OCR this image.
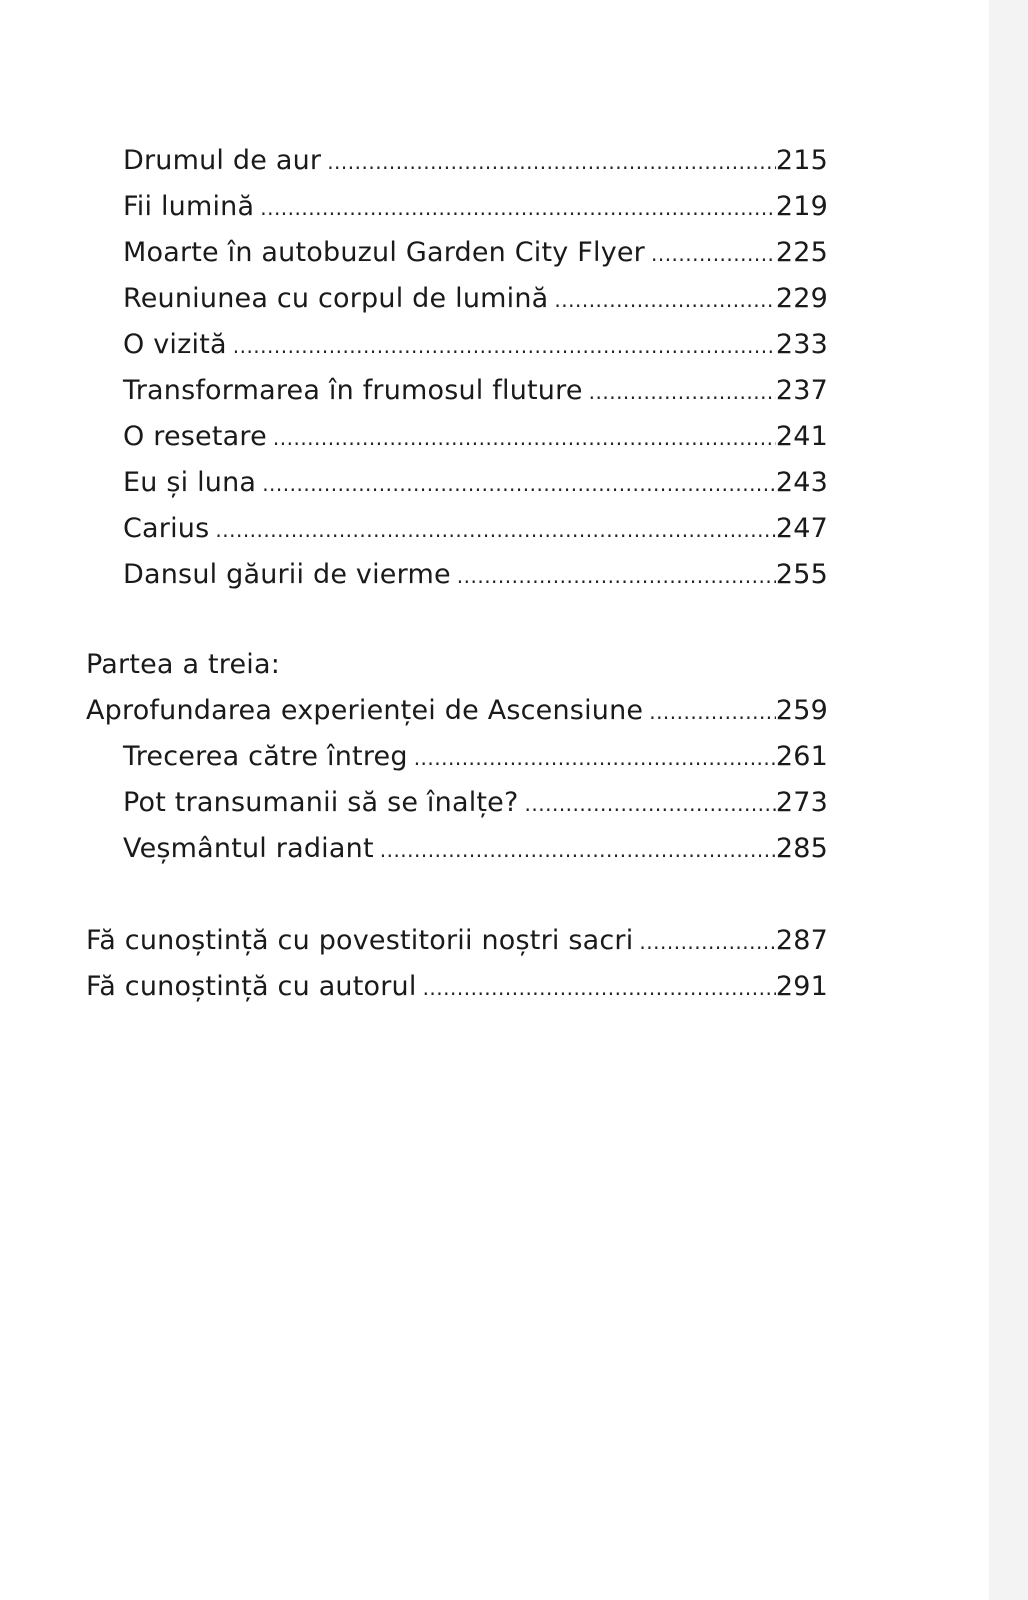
Drumul de aur .....	215
Fii lumină .....	219
Moarte în autobuzul Garden City Flyer .....	225
Reuniunea cu corpul de lumină .....	229
O vizită .....	233
Transformarea în frumosul fluture .....	237
O resetare .....	241
Eu și luna .....	243
Carius .....	247
Dansul găurii de vierme .....	255
Partea a treia:
Aprofundarea experienței de Ascensiune .....	259
Trecerea către întreg .....	261
Pot transumanii să se înalțe? .....	273
Veșmântul radiant .....	285
Fă cunoștință cu povestitorii noștri sacri .....	287
Fă cunoștință cu autorul .....	291
